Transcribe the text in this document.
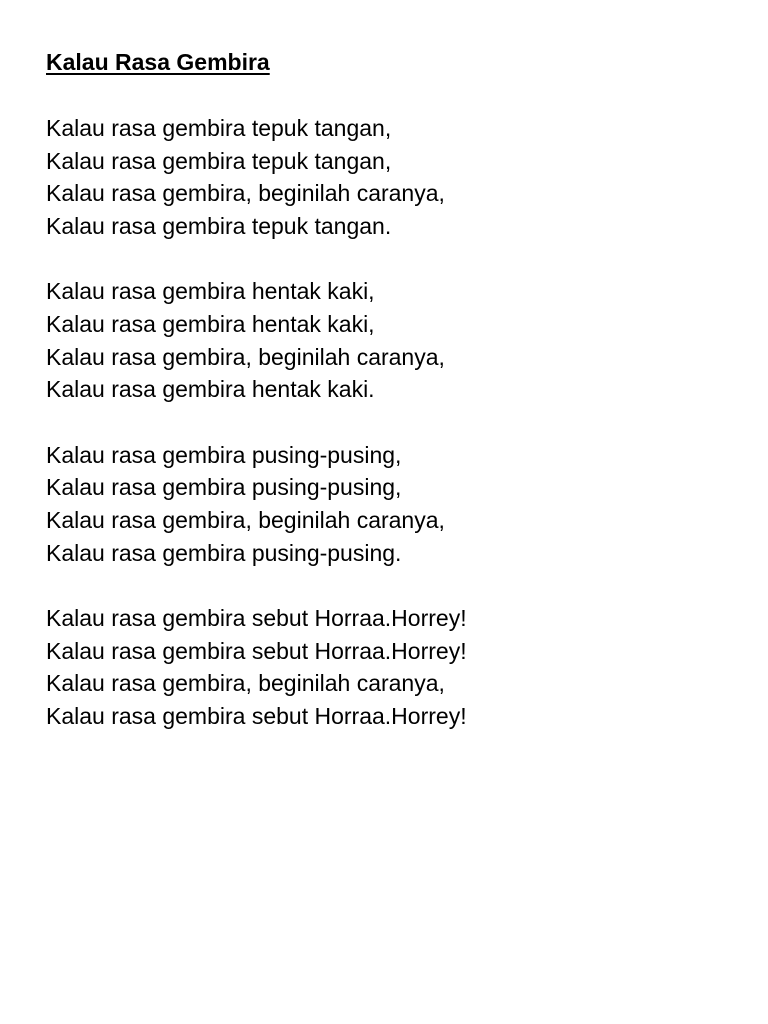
Kalau Rasa Gembira
Kalau rasa gembira tepuk tangan,
Kalau rasa gembira tepuk tangan,
Kalau rasa gembira, beginilah caranya,
Kalau rasa gembira tepuk tangan.
Kalau rasa gembira hentak kaki,
Kalau rasa gembira hentak kaki,
Kalau rasa gembira, beginilah caranya,
Kalau rasa gembira hentak kaki.
Kalau rasa gembira pusing-pusing,
Kalau rasa gembira pusing-pusing,
Kalau rasa gembira, beginilah caranya,
Kalau rasa gembira pusing-pusing.
Kalau rasa gembira sebut Horraa.Horrey!
Kalau rasa gembira sebut Horraa.Horrey!
Kalau rasa gembira, beginilah caranya,
Kalau rasa gembira sebut Horraa.Horrey!
